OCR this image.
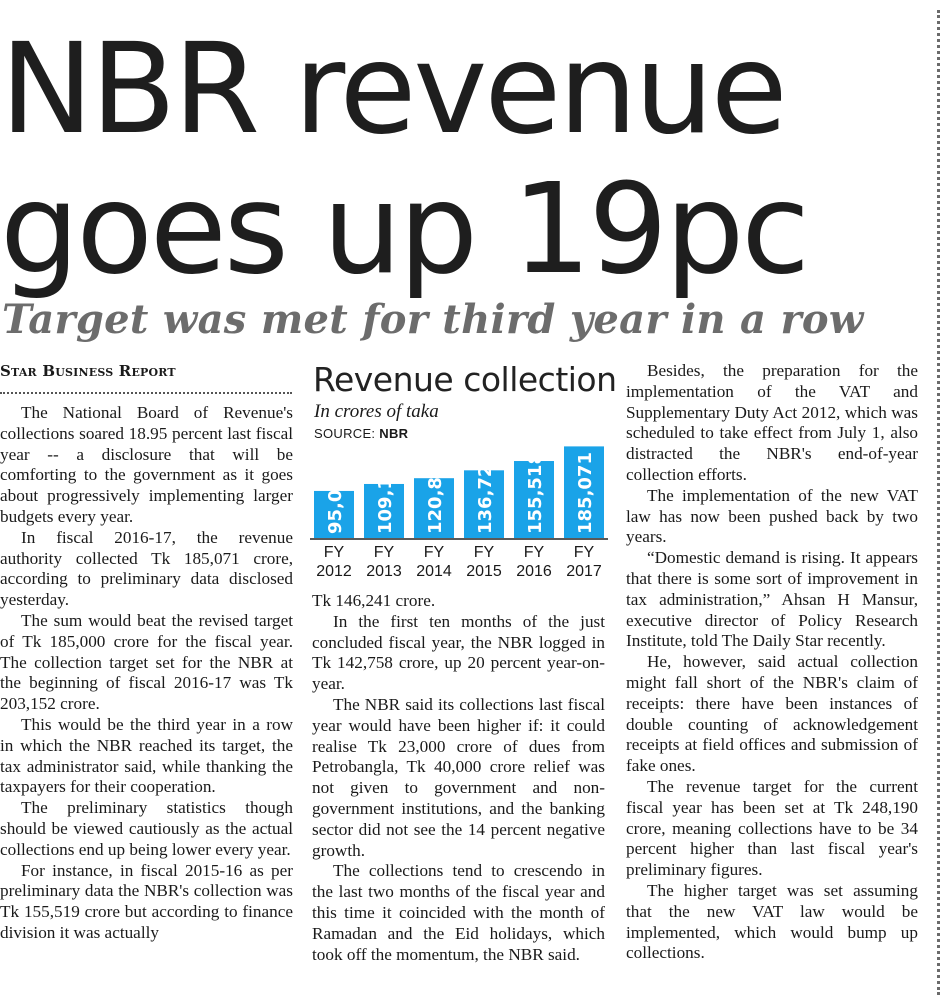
NBR revenue
goes up 19pc
Target was met for third year in a row
Star Business Report

The National Board of Revenue's collections soared 18.95 percent last fiscal year -- a disclosure that will be comforting to the government as it goes about progressively implementing larger budgets every year.

In fiscal 2016-17, the revenue authority collected Tk 185,071 crore, according to preliminary data disclosed yesterday.

The sum would beat the revised target of Tk 185,000 crore for the fiscal year. The collection target set for the NBR at the beginning of fiscal 2016-17 was Tk 203,152 crore.

This would be the third year in a row in which the NBR reached its target, the tax administrator said, while thanking the taxpayers for their cooperation.

The preliminary statistics though should be viewed cautiously as the actual collections end up being lower every year.

For instance, in fiscal 2015-16 as per preliminary data the NBR's collection was Tk 155,519 crore but according to finance division it was actually

Revenue collection
In crores of taka
SOURCE: NBR
95,058
FY
2012
109,151
FY
2013
120,819
FY
2014
136,723
FY
2015
155,518
FY
2016
185,071
FY
2017

Tk 146,241 crore.

In the first ten months of the just concluded fiscal year, the NBR logged in Tk 142,758 crore, up 20 percent year-on-year.

The NBR said its collections last fiscal year would have been higher if: it could realise Tk 23,000 crore of dues from Petrobangla, Tk 40,000 crore relief was not given to government and non-government institutions, and the banking sector did not see the 14 percent negative growth.

The collections tend to crescendo in the last two months of the fiscal year and this time it coincided with the month of Ramadan and the Eid holidays, which took off the momentum, the NBR said.

Besides, the preparation for the implementation of the VAT and Supplementary Duty Act 2012, which was scheduled to take effect from July 1, also distracted the NBR's end-of-year collection efforts.

The implementation of the new VAT law has now been pushed back by two years.

“Domestic demand is rising. It appears that there is some sort of improvement in tax administration,” Ahsan H Mansur, executive director of Policy Research Institute, told The Daily Star recently.

He, however, said actual collection might fall short of the NBR's claim of receipts: there have been instances of double counting of acknowledgement receipts at field offices and submission of fake ones.

The revenue target for the current fiscal year has been set at Tk 248,190 crore, meaning collections have to be 34 percent higher than last fiscal year's preliminary figures.

The higher target was set assuming that the new VAT law would be implemented, which would bump up collections.
